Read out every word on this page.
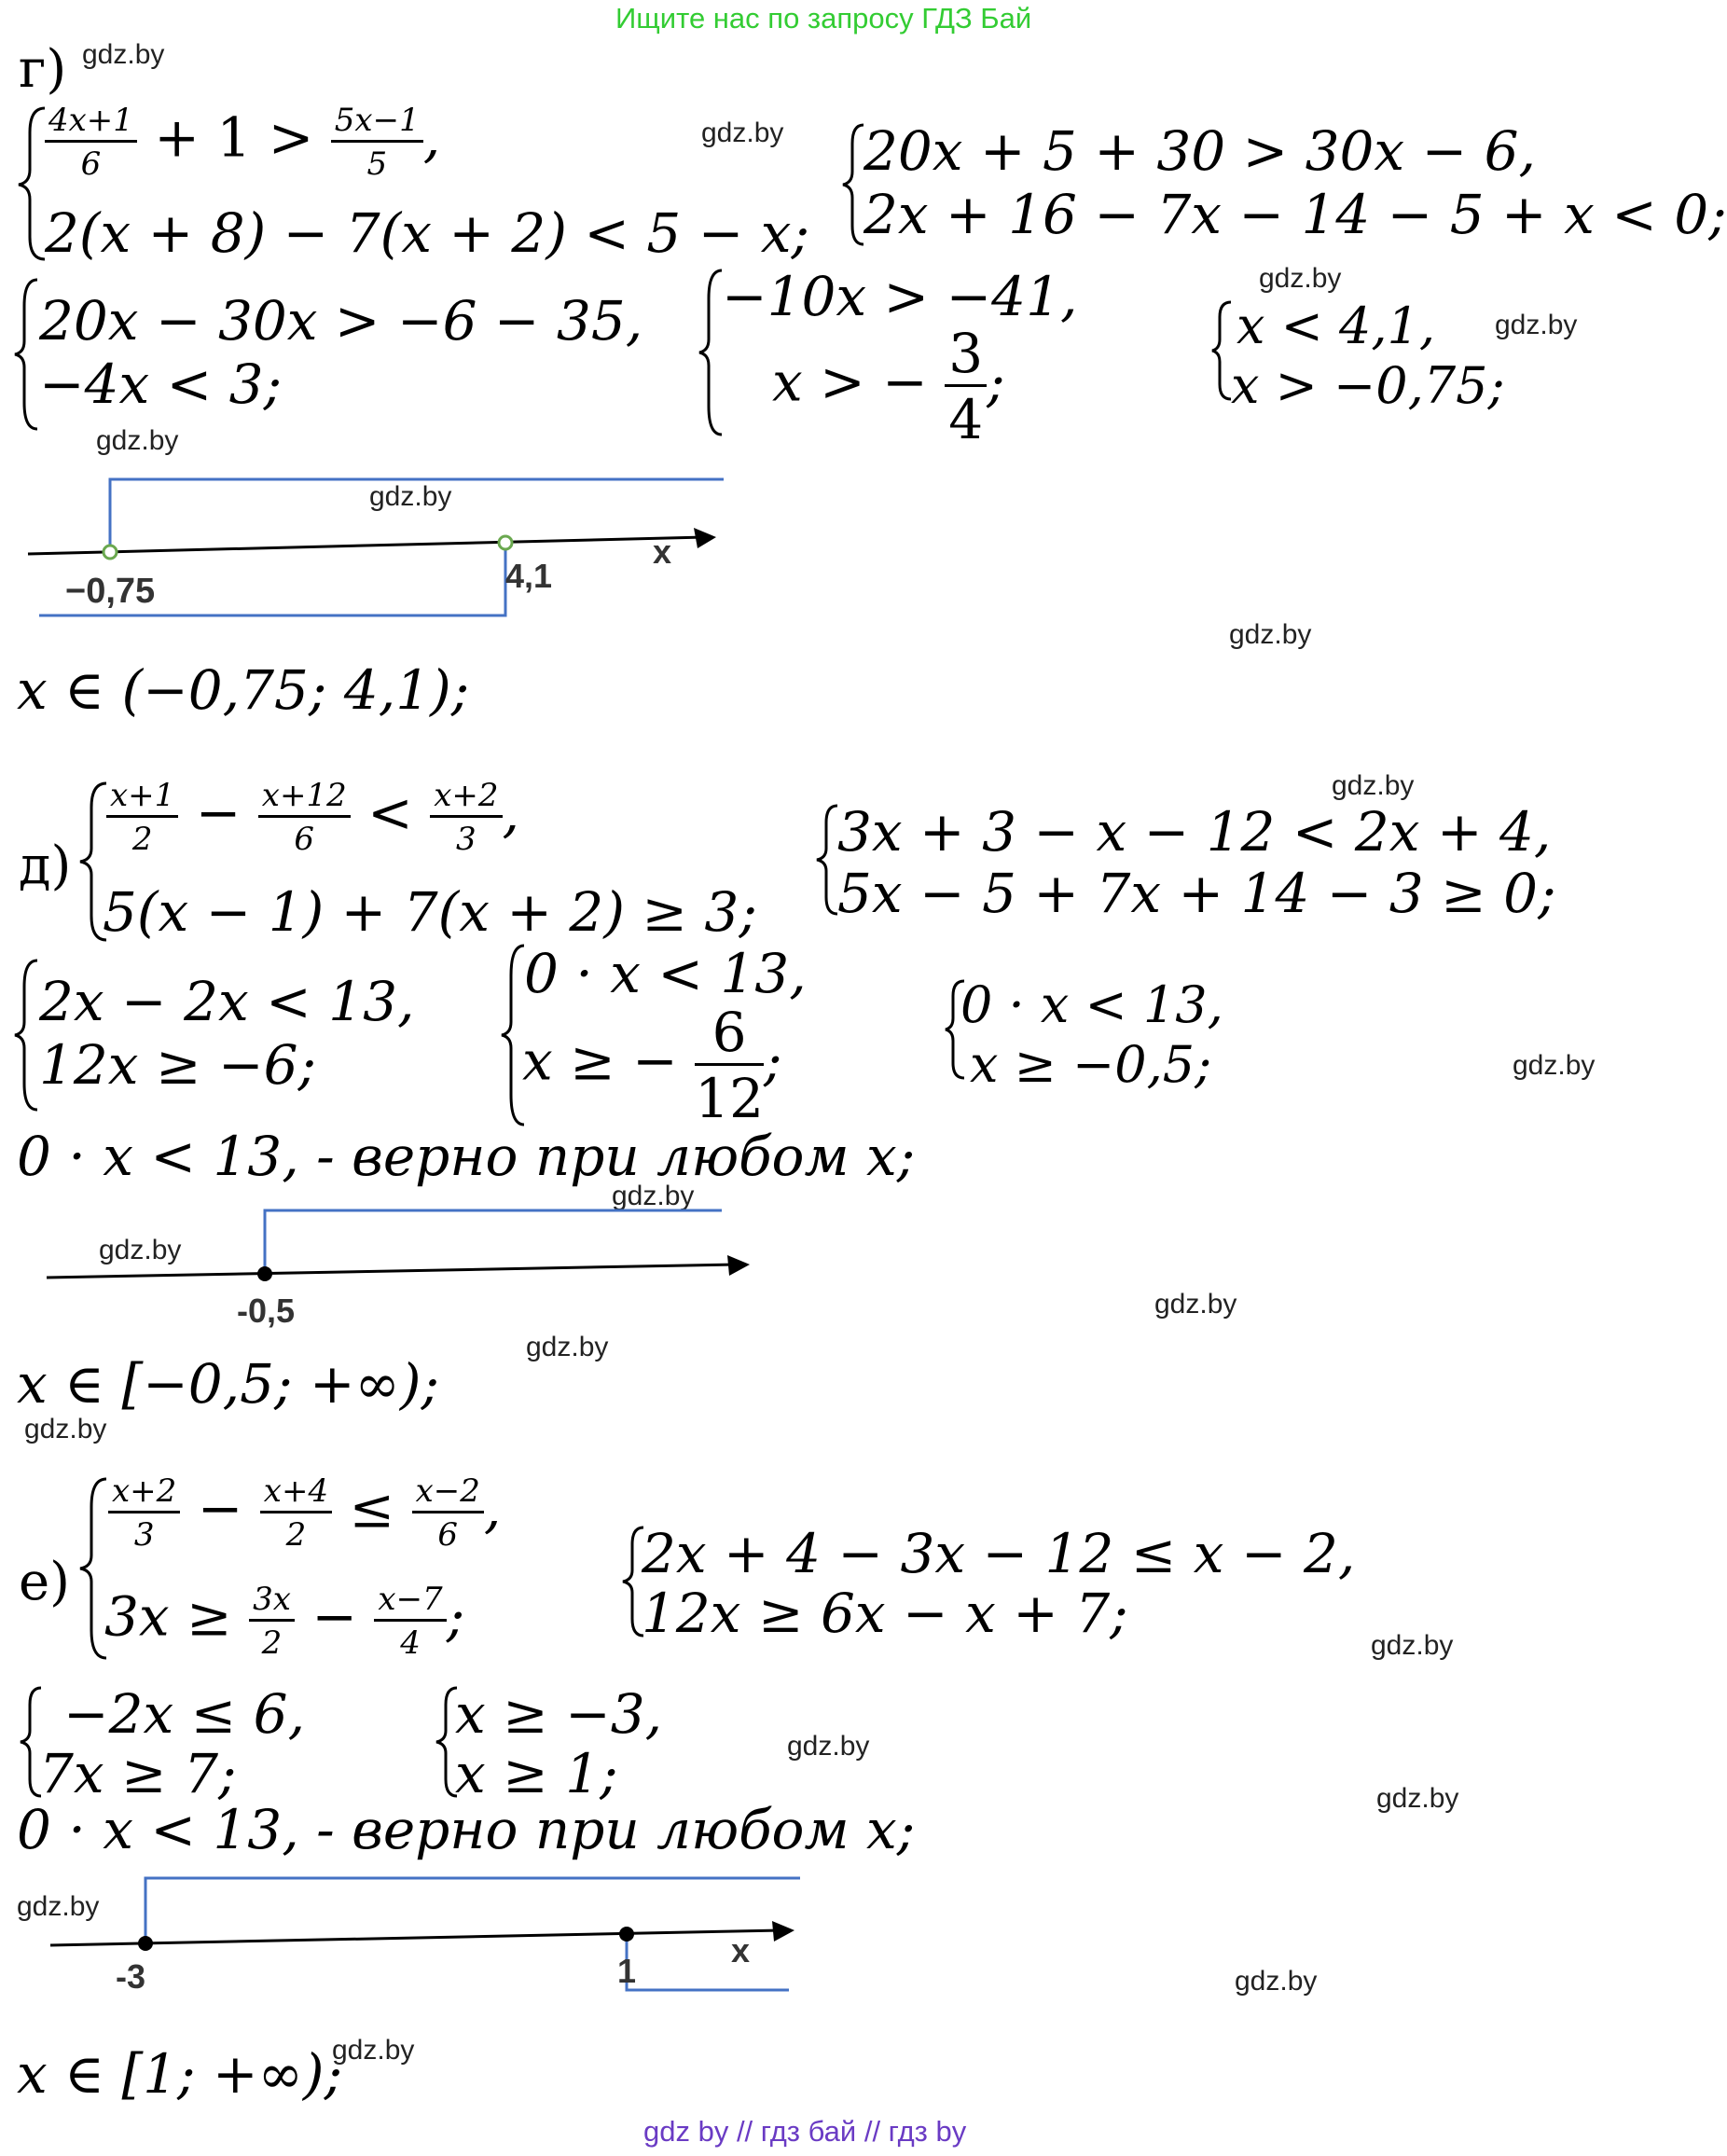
Ищите нас по запросу ГДЗ Бай
gdz by // гдз бай // гдз by
gdz.by
gdz.by
gdz.by
gdz.by
gdz.by
gdz.by
gdz.by
gdz.by
gdz.by
gdz.by
gdz.by
gdz.by
gdz.by
gdz.by
gdz.by
gdz.by
gdz.by
gdz.by
gdz.by
gdz.by
г)
$\frac{4x+1}{6} + 1 > \frac{5x-1}{5}$ ,
2(x + 8) − 7(x + 2) < 5 − x;
20x + 5 + 30 > 30x − 6,
2x + 16 − 7x − 14 − 5 + x < 0;
20x − 30x > −6 − 35,
−4x < 3;
−10x > −41,
x > − $\frac{3}{4}$ ;
x < 4,1,
x > −0,75;
−0,75	4,1
x
x ∈ (−0,75; 4,1);
д)
$\frac{x+1}{2} - \frac{x+12}{6} < \frac{x+2}{3}$ ,
5(x − 1) + 7(x + 2) ≥ 3;
3x + 3 − x − 12 < 2x + 4,
5x − 5 + 7x + 14 − 3 ≥ 0;
2x − 2x < 13,
12x ≥ −6;
0 · x < 13,
x ≥ − $\frac{6}{12}$ ;
0 · x < 13,
x ≥ −0,5;
0 · x < 13, - верно при любом x;
-0,5
x ∈ [−0,5; +∞);
е)
$\frac{x+2}{3} - \frac{x+4}{2} \le \frac{x-2}{6}$ ,
$3x \ge \frac{3x}{2} - \frac{x-7}{4}$ ;
2x + 4 − 3x − 12 ≤ x − 2,
12x ≥ 6x − x + 7;
−2x ≤ 6,
7x ≥ 7;
x ≥ −3,
x ≥ 1;
0 · x < 13, - верно при любом x;
-3	1
x
x ∈ [1; +∞);
